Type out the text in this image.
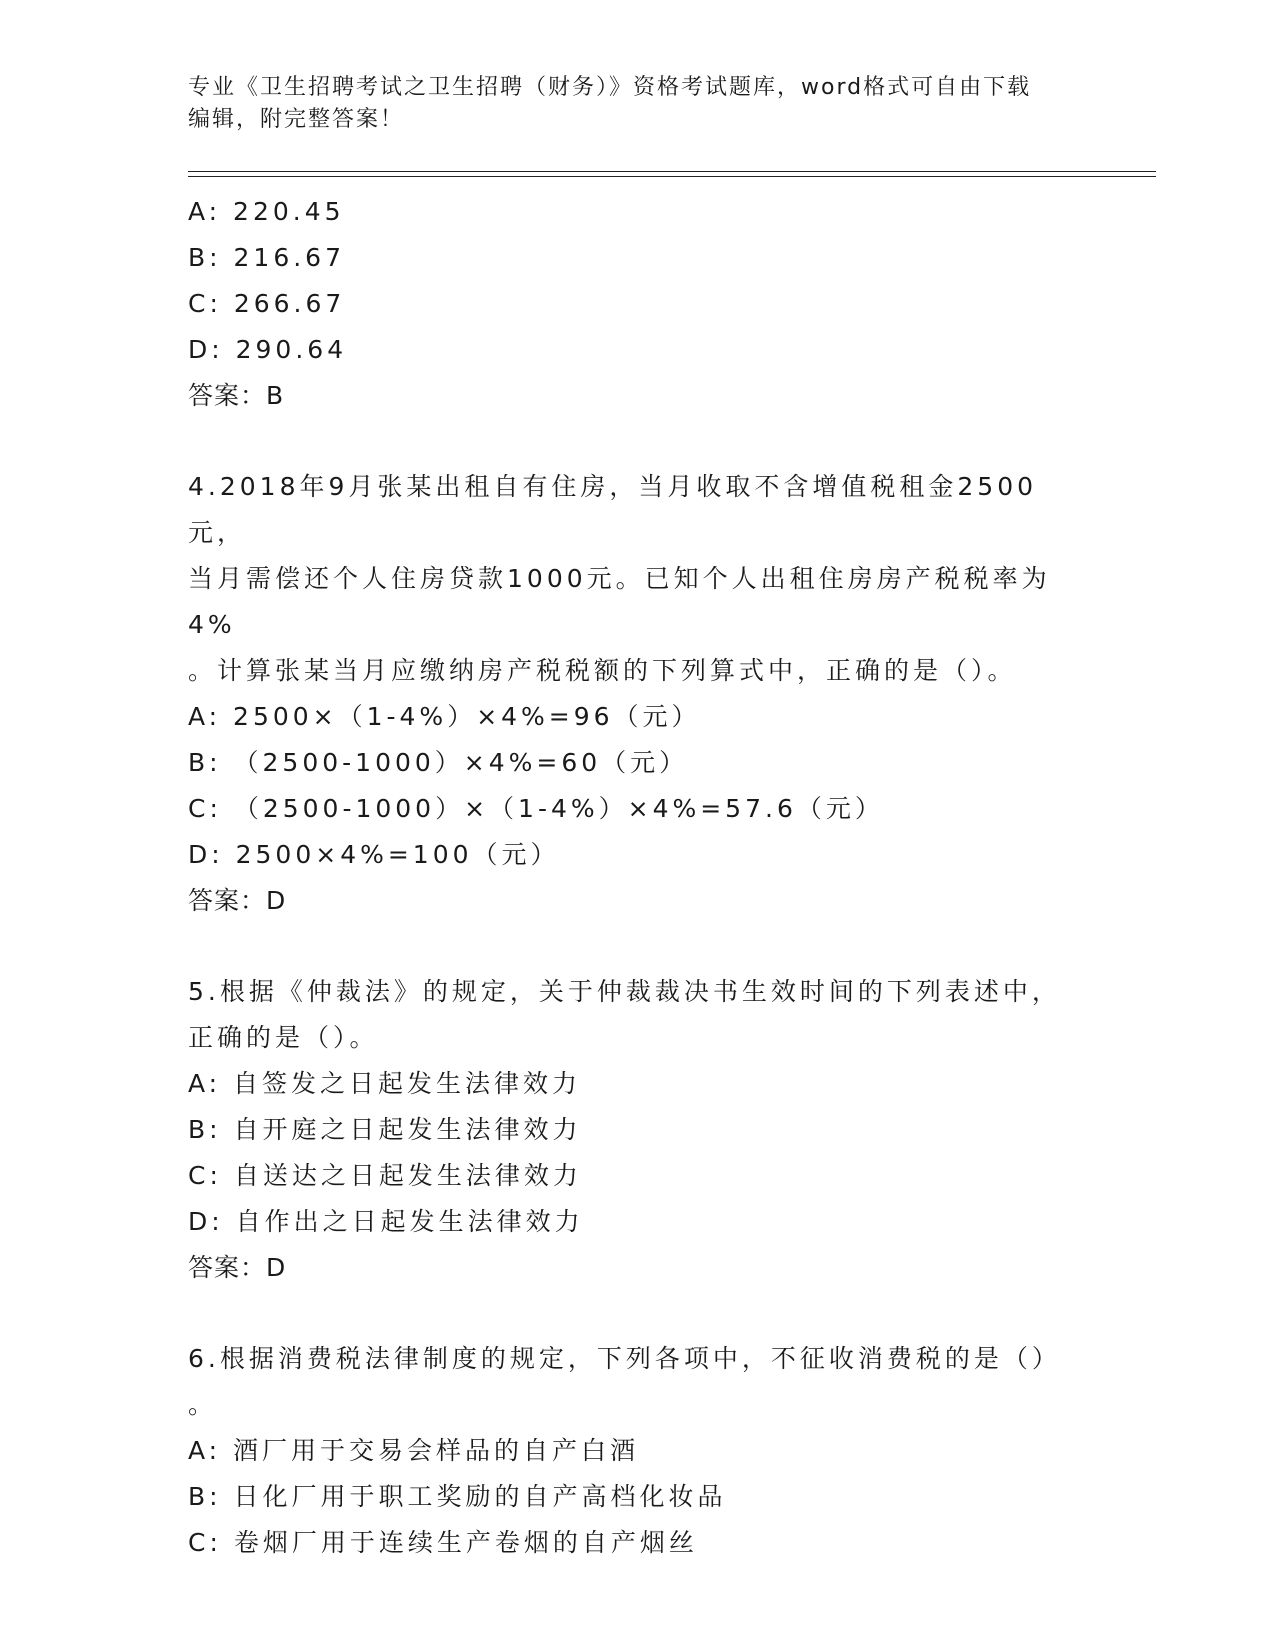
专业《卫生招聘考试之卫生招聘（财务）》资格考试题库，word格式可自由下载
编辑，附完整答案！
A: 220.45
B: 216.67
C: 266.67
D: 290.64
答案：B
4.2018年9月张某出租自有住房，当月收取不含增值税租金2500元，
当月需偿还个人住房贷款1000元。已知个人出租住房房产税税率为4%
。计算张某当月应缴纳房产税税额的下列算式中，正确的是（）。
A: 2500×（1-4%）×4%=96（元）
B: （2500-1000）×4%=60（元）
C: （2500-1000）×（1-4%）×4%=57.6（元）
D: 2500×4%=100（元）
答案：D
5.根据《仲裁法》的规定，关于仲裁裁决书生效时间的下列表述中，
正确的是（）。
A: 自签发之日起发生法律效力
B: 自开庭之日起发生法律效力
C: 自送达之日起发生法律效力
D: 自作出之日起发生法律效力
答案：D
6.根据消费税法律制度的规定，下列各项中，不征收消费税的是（）
。
A: 酒厂用于交易会样品的自产白酒
B: 日化厂用于职工奖励的自产高档化妆品
C: 卷烟厂用于连续生产卷烟的自产烟丝
